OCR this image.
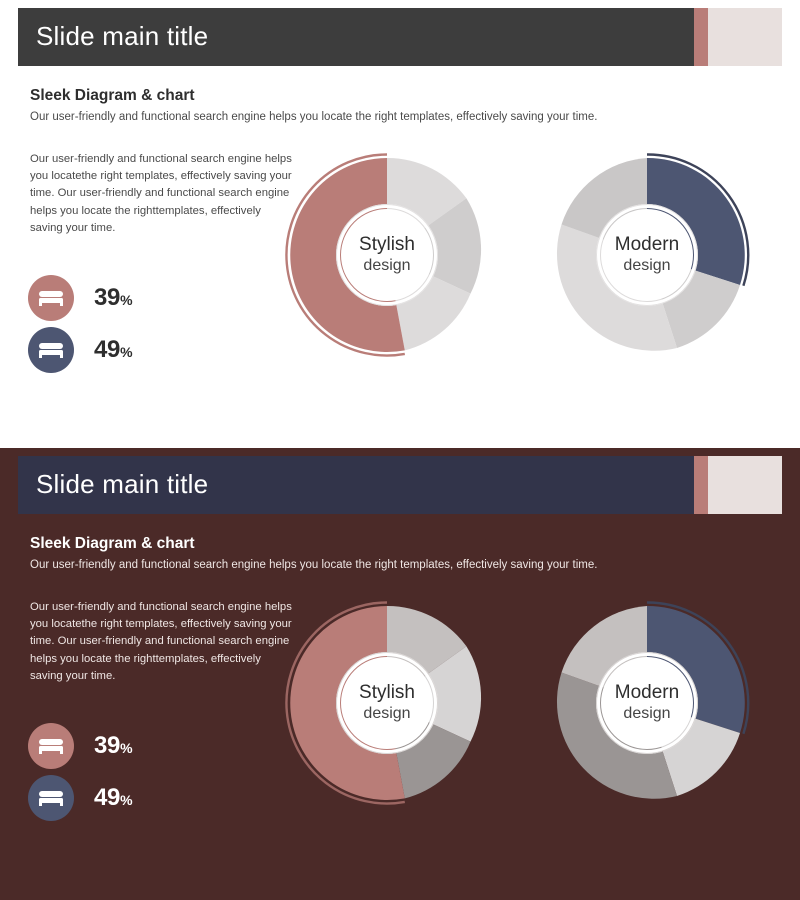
Slide main title
Sleek Diagram & chart
Our user-friendly and functional search engine helps you locate the right templates, effectively saving your time.
Our user-friendly and functional search engine helps you locatethe right templates, effectively saving your time. Our user-friendly and functional search engine helps you locate the righttemplates, effectively saving your time.
39%
49%
Stylish
design
Modern
design
Slide main title
Sleek Diagram & chart
Our user-friendly and functional search engine helps you locate the right templates, effectively saving your time.
Our user-friendly and functional search engine helps you locatethe right templates, effectively saving your time. Our user-friendly and functional search engine helps you locate the righttemplates, effectively saving your time.
39%
49%
Stylish
design
Modern
design
